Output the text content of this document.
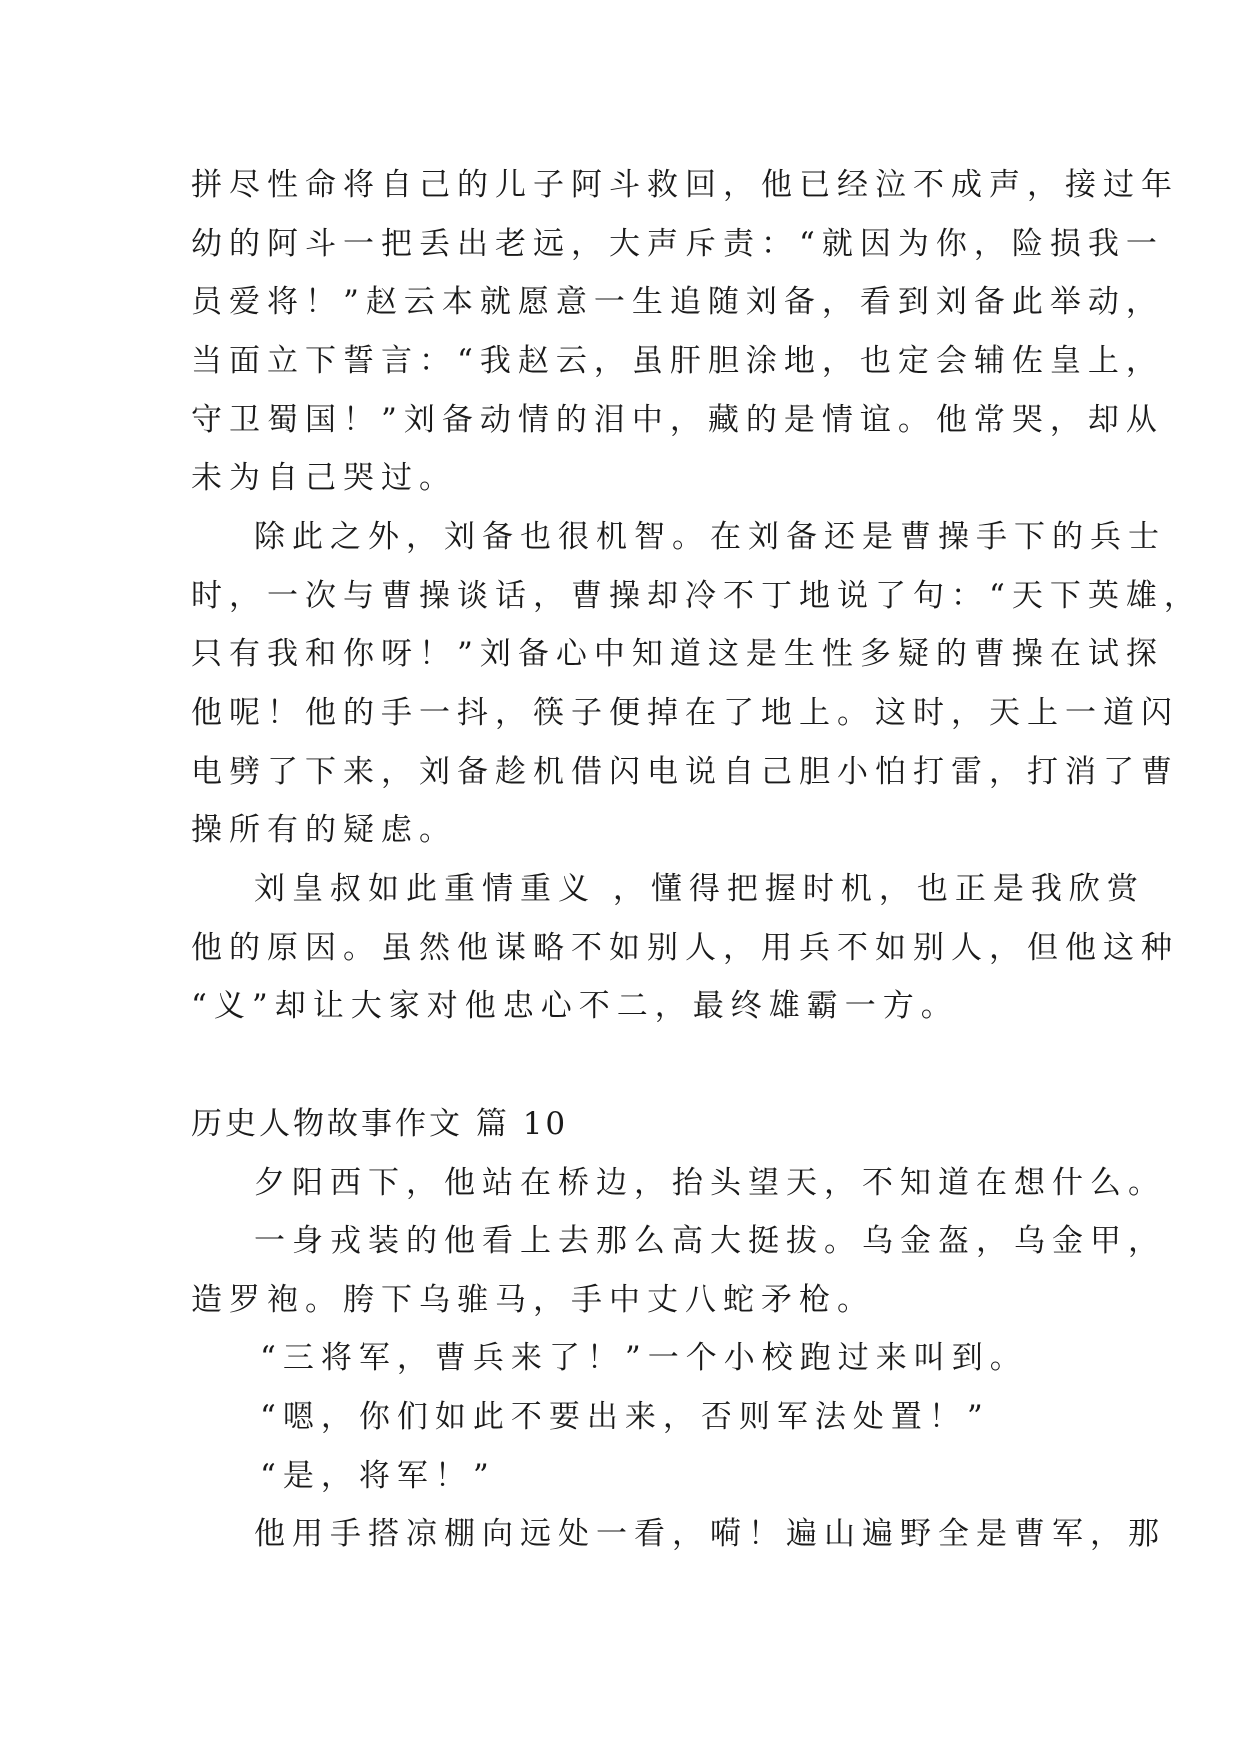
拼尽性命将自己的儿子阿斗救回，他已经泣不成声，接过年
幼的阿斗一把丢出老远，大声斥责：“就因为你，险损我一
员爱将！”赵云本就愿意一生追随刘备，看到刘备此举动，
当面立下誓言：“我赵云，虽肝胆涂地，也定会辅佐皇上，
守卫蜀国！”刘备动情的泪中，藏的是情谊。他常哭，却从
未为自己哭过。
除此之外，刘备也很机智。在刘备还是曹操手下的兵士
时，一次与曹操谈话，曹操却冷不丁地说了句：“天下英雄，
只有我和你呀！”刘备心中知道这是生性多疑的曹操在试探
他呢！他的手一抖，筷子便掉在了地上。这时，天上一道闪
电劈了下来，刘备趁机借闪电说自己胆小怕打雷，打消了曹
操所有的疑虑。
刘皇叔如此重情重义 ，懂得把握时机，也正是我欣赏
他的原因。虽然他谋略不如别人，用兵不如别人，但他这种
“义”却让大家对他忠心不二，最终雄霸一方。
历史人物故事作文 篇 10
夕阳西下，他站在桥边，抬头望天，不知道在想什么。
一身戎装的他看上去那么高大挺拔。乌金盔，乌金甲，
造罗袍。胯下乌骓马，手中丈八蛇矛枪。
“三将军，曹兵来了！”一个小校跑过来叫到。
“嗯，你们如此不要出来，否则军法处置！”
“是，将军！”
他用手搭凉棚向远处一看，嗬！遍山遍野全是曹军，那
